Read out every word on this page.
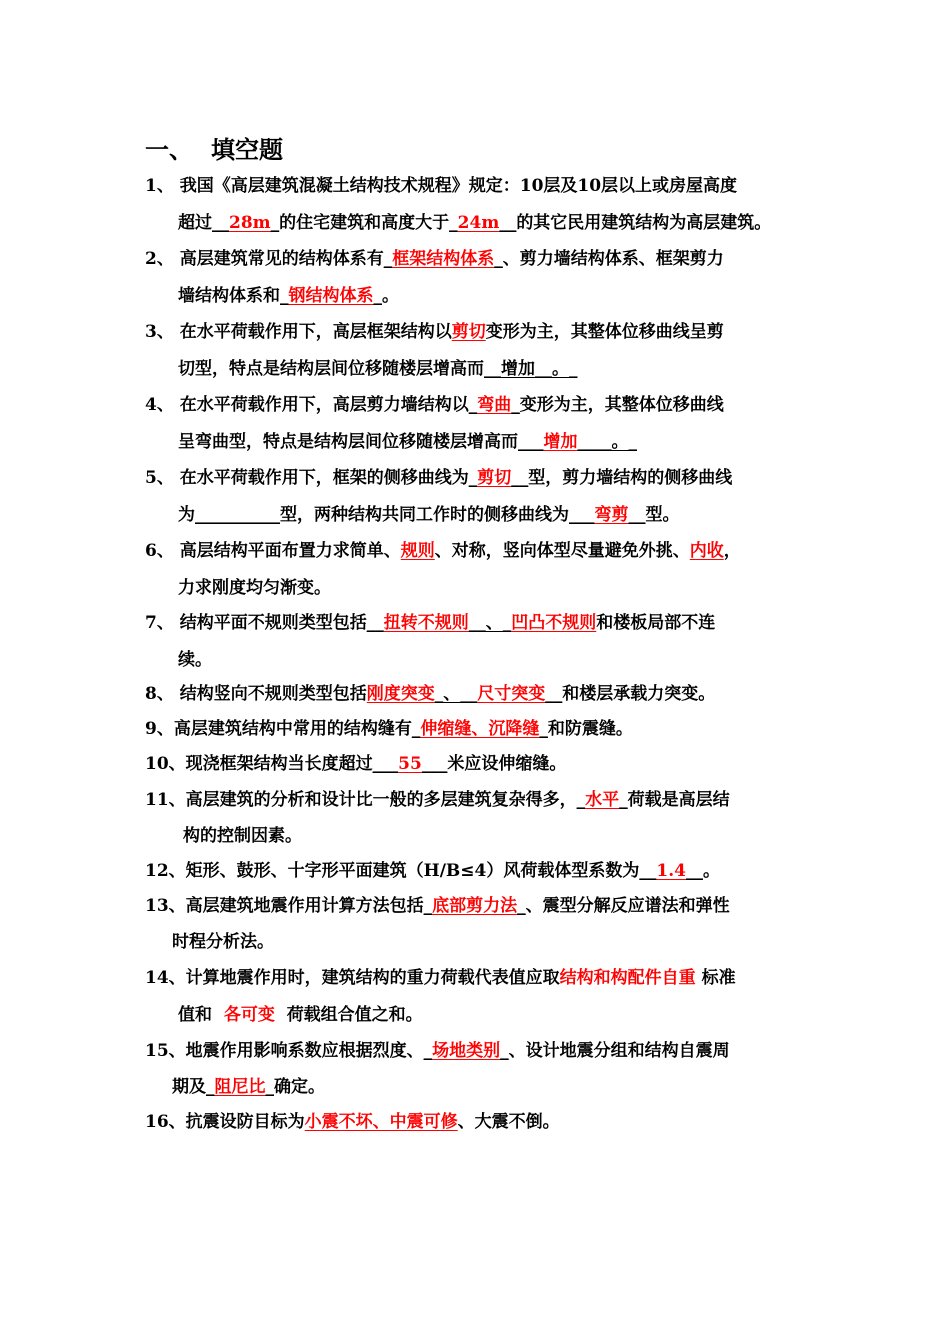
一、 填空题
1、 我国《高层建筑混凝土结构技术规程》规定：10层及10层以上或房屋高度
超过__28m_的住宅建筑和高度大于_24m__的其它民用建筑结构为高层建筑。
2、 高层建筑常见的结构体系有_框架结构体系_、剪力墙结构体系、框架剪力
墙结构体系和_钢结构体系_。
3、 在水平荷载作用下，高层框架结构以剪切变形为主，其整体位移曲线呈剪
切型，特点是结构层间位移随楼层增高而__增加__。_
4、 在水平荷载作用下，高层剪力墙结构以_弯曲_变形为主，其整体位移曲线
呈弯曲型，特点是结构层间位移随楼层增高而___增加____。_
5、 在水平荷载作用下，框架的侧移曲线为_剪切__型，剪力墙结构的侧移曲线
为__________型，两种结构共同工作时的侧移曲线为___弯剪__型。
6、 高层结构平面布置力求简单、规则、对称，竖向体型尽量避免外挑、内收，
力求刚度均匀渐变。
7、 结构平面不规则类型包括__扭转不规则__、_凹凸不规则和楼板局部不连
续。
8、 结构竖向不规则类型包括刚度突变_、__尺寸突变__和楼层承载力突变。
9、高层建筑结构中常用的结构缝有_伸缩缝、沉降缝_和防震缝。
10、现浇框架结构当长度超过___55___米应设伸缩缝。
11、高层建筑的分析和设计比一般的多层建筑复杂得多，_水平_荷载是高层结
构的控制因素。
12、矩形、鼓形、十字形平面建筑（H/B≤4）风荷载体型系数为__1.4__。
13、高层建筑地震作用计算方法包括_底部剪力法_、震型分解反应谱法和弹性
时程分析法。
14、计算地震作用时，建筑结构的重力荷载代表值应取结构和构配件自重 标准
值和 各可变 荷载组合值之和。
15、地震作用影响系数应根据烈度、_场地类别_、设计地震分组和结构自震周
期及_阻尼比_确定。
16、抗震设防目标为小震不坏、中震可修、大震不倒。
